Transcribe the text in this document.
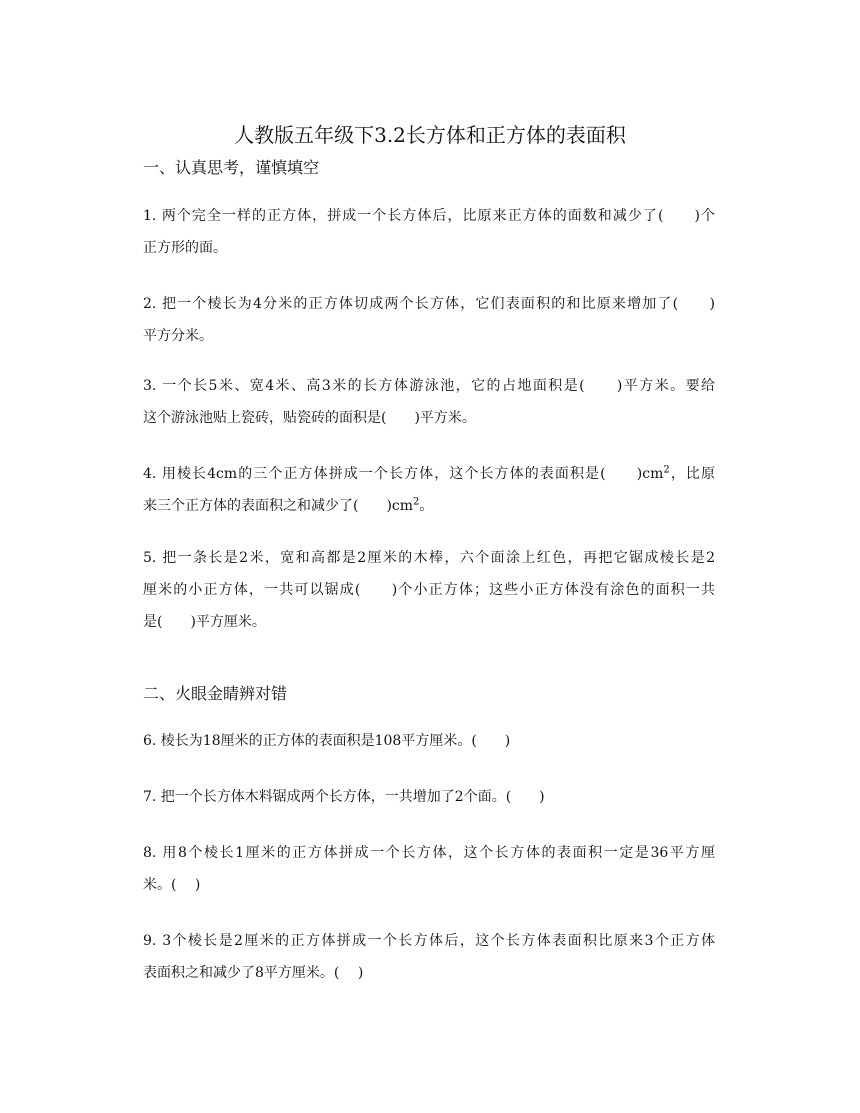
人教版五年级下3.2长方体和正方体的表面积
一、认真思考，谨慎填空
1. 两个完全一样的正方体，拼成一个长方体后，比原来正方体的面数和减少了(　　)个
正方形的面。
2. 把一个棱长为4分米的正方体切成两个长方体，它们表面积的和比原来增加了(　　)
平方分米。
3. 一个长5米、宽4米、高3米的长方体游泳池，它的占地面积是(　　)平方米。要给
这个游泳池贴上瓷砖，贴瓷砖的面积是(　　)平方米。
4. 用棱长4cm的三个正方体拼成一个长方体，这个长方体的表面积是(　　)$cm^2$，比原
来三个正方体的表面积之和减少了(　　)$cm^2$。
5. 把一条长是2米，宽和高都是2厘米的木棒，六个面涂上红色，再把它锯成棱长是2
厘米的小正方体，一共可以锯成(　　)个小正方体；这些小正方体没有涂色的面积一共
是(　　)平方厘米。
二、火眼金睛辨对错
6. 棱长为18厘米的正方体的表面积是108平方厘米。(　　)
7. 把一个长方体木料锯成两个长方体，一共增加了2个面。(　　)
8. 用8个棱长1厘米的正方体拼成一个长方体，这个长方体的表面积一定是36平方厘
米。(　 )
9. 3个棱长是2厘米的正方体拼成一个长方体后，这个长方体表面积比原来3个正方体
表面积之和减少了8平方厘米。(　 )
